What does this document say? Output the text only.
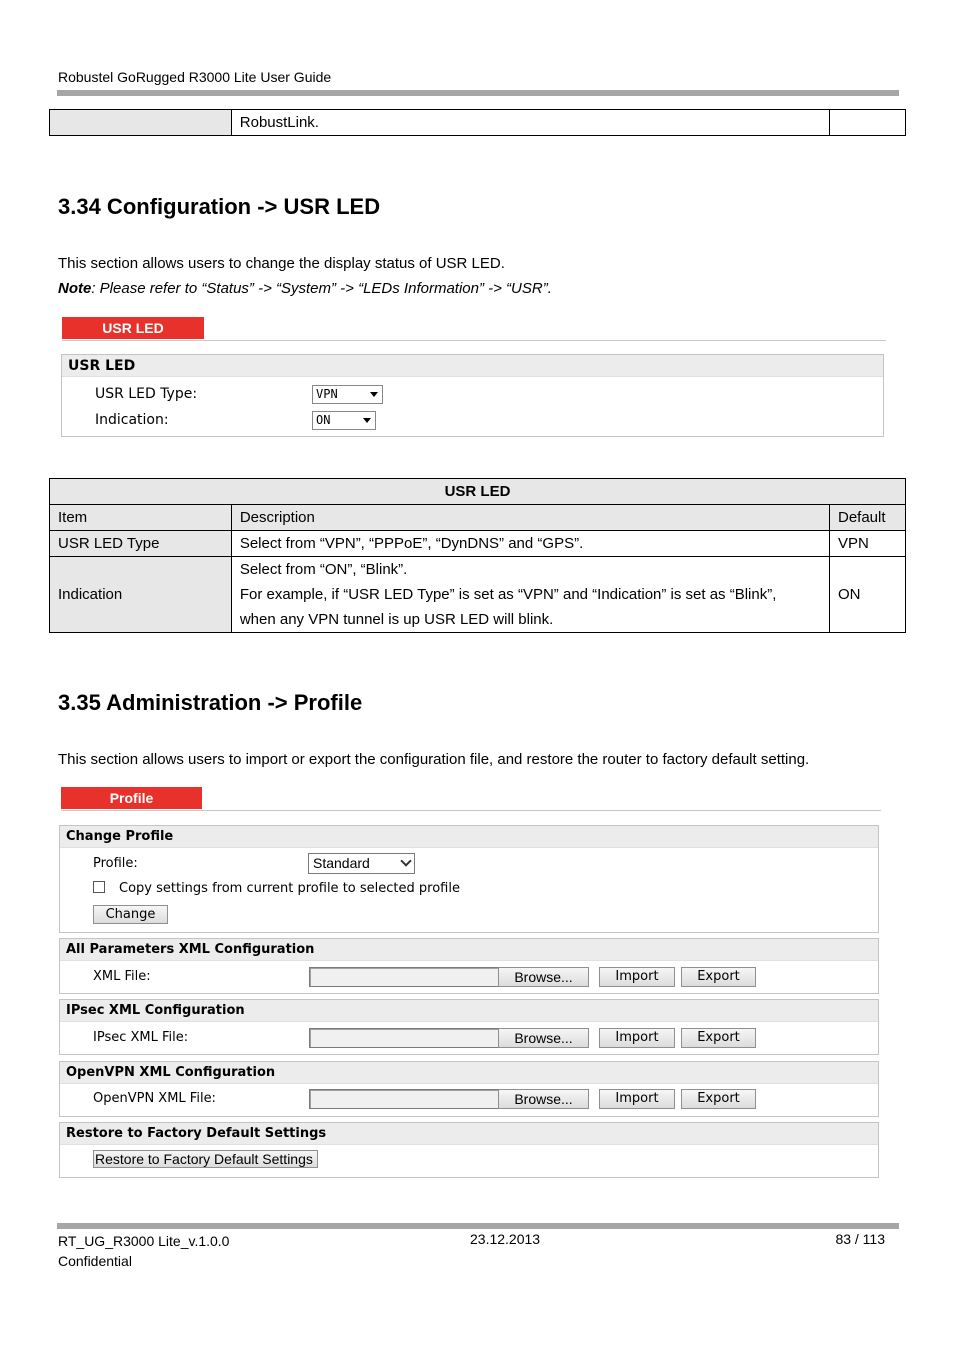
Robustel GoRugged R3000 Lite User Guide
	RobustLink.	
3.34 Configuration -> USR LED
This section allows users to change the display status of USR LED.
Note: Please refer to “Status” -> “System” -> “LEDs Information” -> “USR”.
USR LED
USR LED
USR LED Type:	VPN
Indication:	ON
USR LED		
Item	Description	Default
USR LED Type	Select from “VPN”, “PPPoE”, “DynDNS” and “GPS”.	VPN
Indication	Select from “ON”, “Blink”.
For example, if “USR LED Type” is set as “VPN” and “Indication” is set as “Blink”,
when any VPN tunnel is up USR LED will blink.	ON
3.35 Administration -> Profile
This section allows users to import or export the configuration file, and restore the router to factory default setting.
Profile
Change Profile
Profile:	Standard
Copy settings from current profile to selected profile
Change
All Parameters XML Configuration
XML File:	Browse...	Import	Export
IPsec XML Configuration
IPsec XML File:	Browse...	Import	Export
OpenVPN XML Configuration
OpenVPN XML File:	Browse...	Import	Export
Restore to Factory Default Settings
Restore to Factory Default Settings
RT_UG_R3000 Lite_v.1.0.0
Confidential
23.12.2013	83 / 113
